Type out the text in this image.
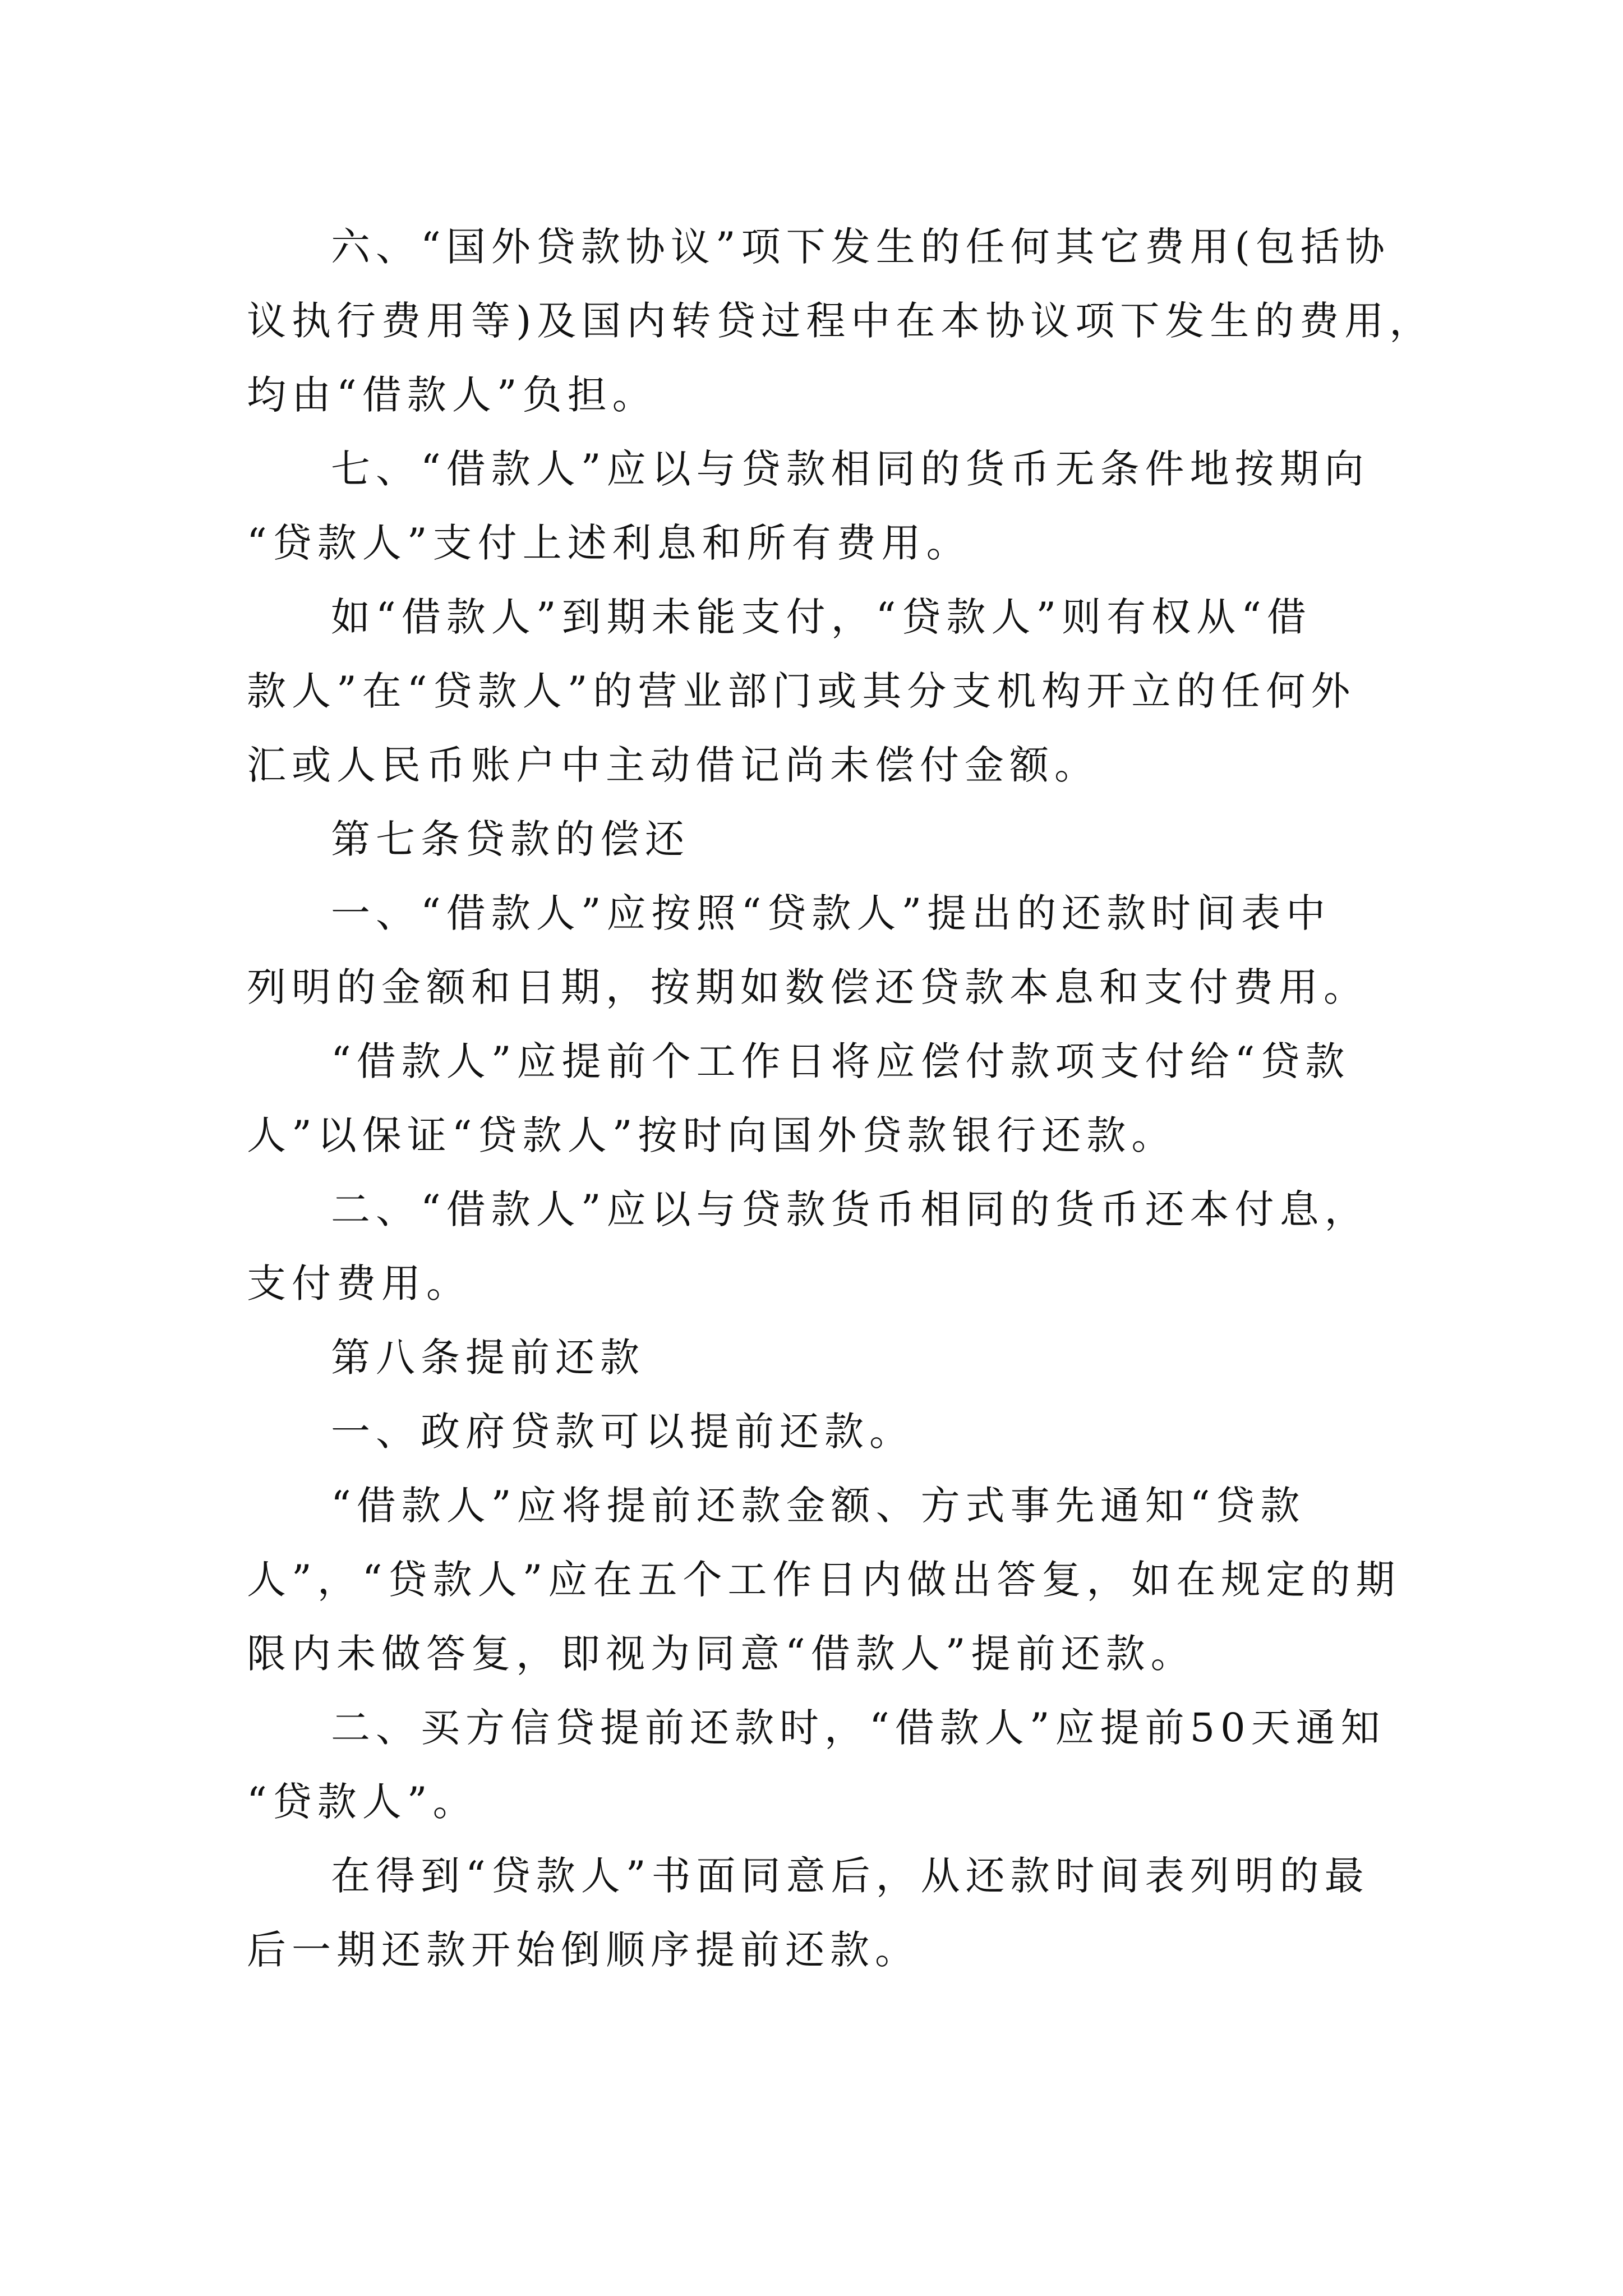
六、“国外贷款协议”项下发生的任何其它费用(包括协
议执行费用等)及国内转贷过程中在本协议项下发生的费用，
均由“借款人”负担。
七、“借款人”应以与贷款相同的货币无条件地按期向
“贷款人”支付上述利息和所有费用。
如“借款人”到期未能支付，“贷款人”则有权从“借
款人”在“贷款人”的营业部门或其分支机构开立的任何外
汇或人民币账户中主动借记尚未偿付金额。
第七条贷款的偿还
一、“借款人”应按照“贷款人”提出的还款时间表中
列明的金额和日期，按期如数偿还贷款本息和支付费用。
“借款人”应提前个工作日将应偿付款项支付给“贷款
人”以保证“贷款人”按时向国外贷款银行还款。
二、“借款人”应以与贷款货币相同的货币还本付息，
支付费用。
第八条提前还款
一、政府贷款可以提前还款。
“借款人”应将提前还款金额、方式事先通知“贷款
人”，“贷款人”应在五个工作日内做出答复，如在规定的期
限内未做答复，即视为同意“借款人”提前还款。
二、买方信贷提前还款时，“借款人”应提前50天通知
“贷款人”。
在得到“贷款人”书面同意后，从还款时间表列明的最
后一期还款开始倒顺序提前还款。
